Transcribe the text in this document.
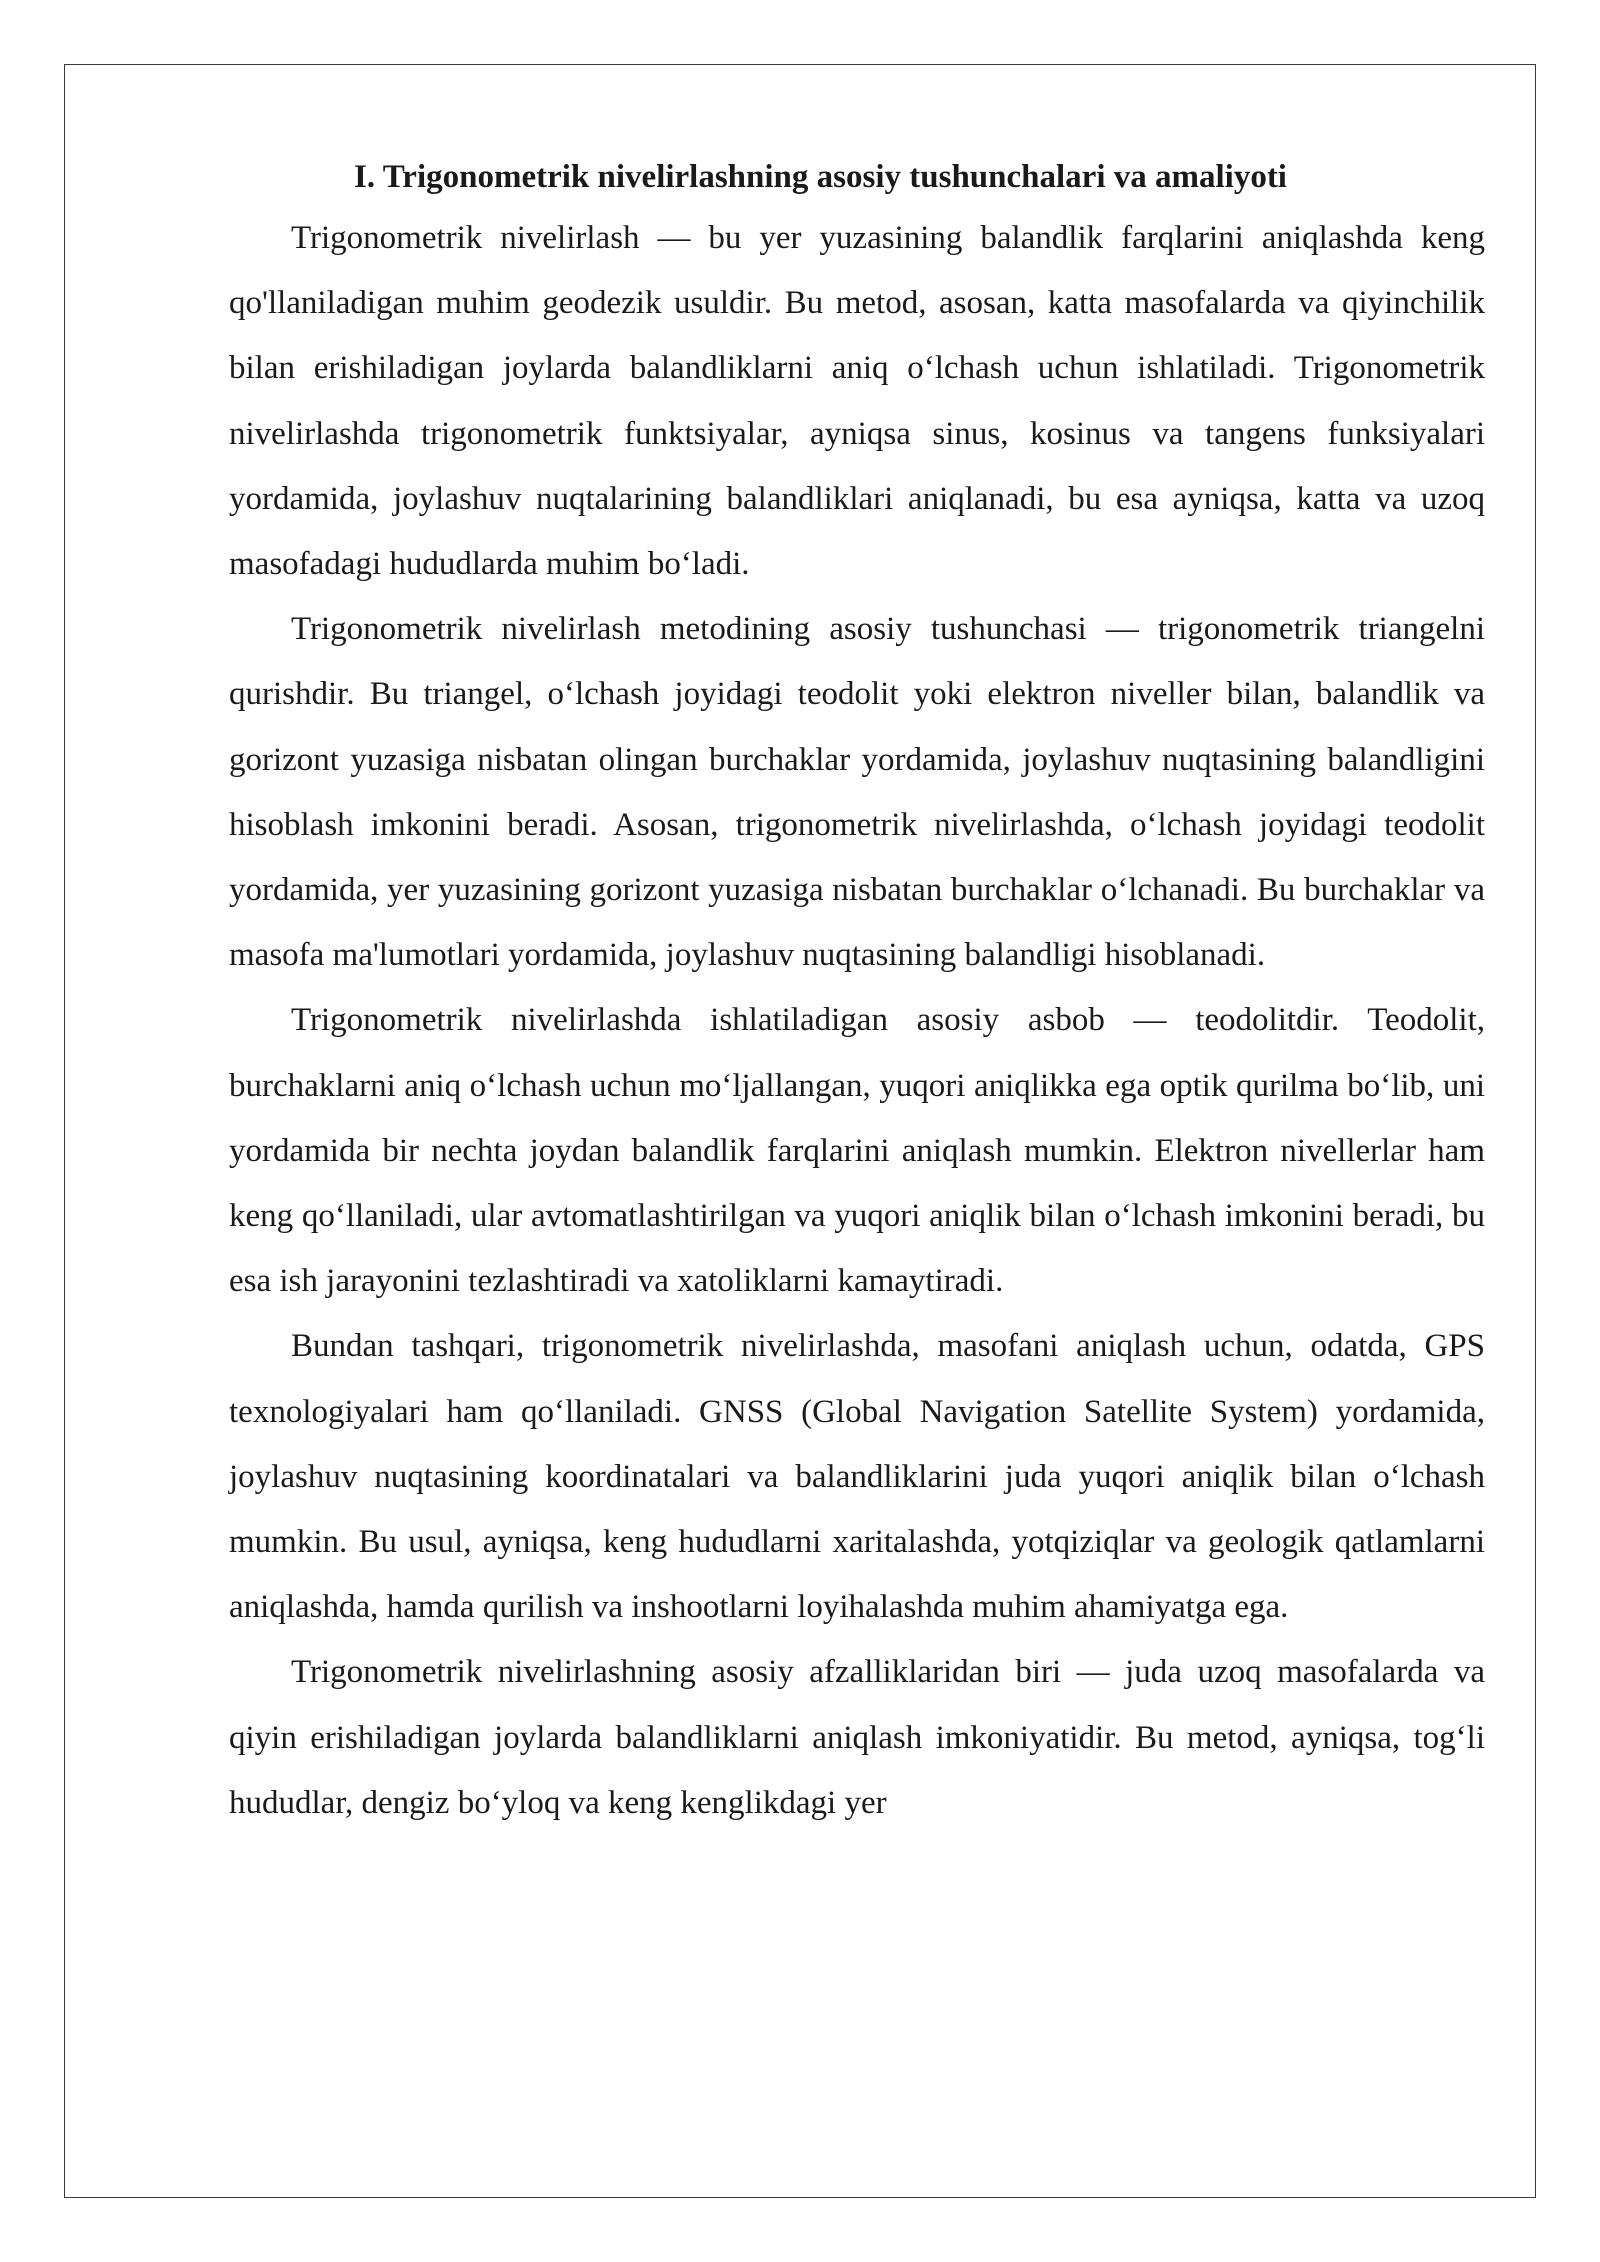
I. Trigonometrik nivelirlashning asosiy tushunchalari va amaliyoti

Trigonometrik nivelirlash — bu yer yuzasining balandlik farqlarini aniqlashda keng qo'llaniladigan muhim geodezik usuldir. Bu metod, asosan, katta masofalarda va qiyinchilik bilan erishiladigan joylarda balandliklarni aniq o‘lchash uchun ishlatiladi. Trigonometrik nivelirlashda trigonometrik funktsiyalar, ayniqsa sinus, kosinus va tangens funksiyalari yordamida, joylashuv nuqtalarining balandliklari aniqlanadi, bu esa ayniqsa, katta va uzoq masofadagi hududlarda muhim bo‘ladi.

Trigonometrik nivelirlash metodining asosiy tushunchasi — trigonometrik triangelni qurishdir. Bu triangel, o‘lchash joyidagi teodolit yoki elektron niveller bilan, balandlik va gorizont yuzasiga nisbatan olingan burchaklar yordamida, joylashuv nuqtasining balandligini hisoblash imkonini beradi. Asosan, trigonometrik nivelirlashda, o‘lchash joyidagi teodolit yordamida, yer yuzasining gorizont yuzasiga nisbatan burchaklar o‘lchanadi. Bu burchaklar va masofa ma'lumotlari yordamida, joylashuv nuqtasining balandligi hisoblanadi.

Trigonometrik nivelirlashda ishlatiladigan asosiy asbob — teodolitdir. Teodolit, burchaklarni aniq o‘lchash uchun mo‘ljallangan, yuqori aniqlikka ega optik qurilma bo‘lib, uni yordamida bir nechta joydan balandlik farqlarini aniqlash mumkin. Elektron nivellerlar ham keng qo‘llaniladi, ular avtomatlashtirilgan va yuqori aniqlik bilan o‘lchash imkonini beradi, bu esa ish jarayonini tezlashtiradi va xatoliklarni kamaytiradi.

Bundan tashqari, trigonometrik nivelirlashda, masofani aniqlash uchun, odatda, GPS texnologiyalari ham qo‘llaniladi. GNSS (Global Navigation Satellite System) yordamida, joylashuv nuqtasining koordinatalari va balandliklarini juda yuqori aniqlik bilan o‘lchash mumkin. Bu usul, ayniqsa, keng hududlarni xaritalashda, yotqiziqlar va geologik qatlamlarni aniqlashda, hamda qurilish va inshootlarni loyihalashda muhim ahamiyatga ega.

Trigonometrik nivelirlashning asosiy afzalliklaridan biri — juda uzoq masofalarda va qiyin erishiladigan joylarda balandliklarni aniqlash imkoniyatidir. Bu metod, ayniqsa, tog‘li hududlar, dengiz bo‘yloq va keng kenglikdagi yer
